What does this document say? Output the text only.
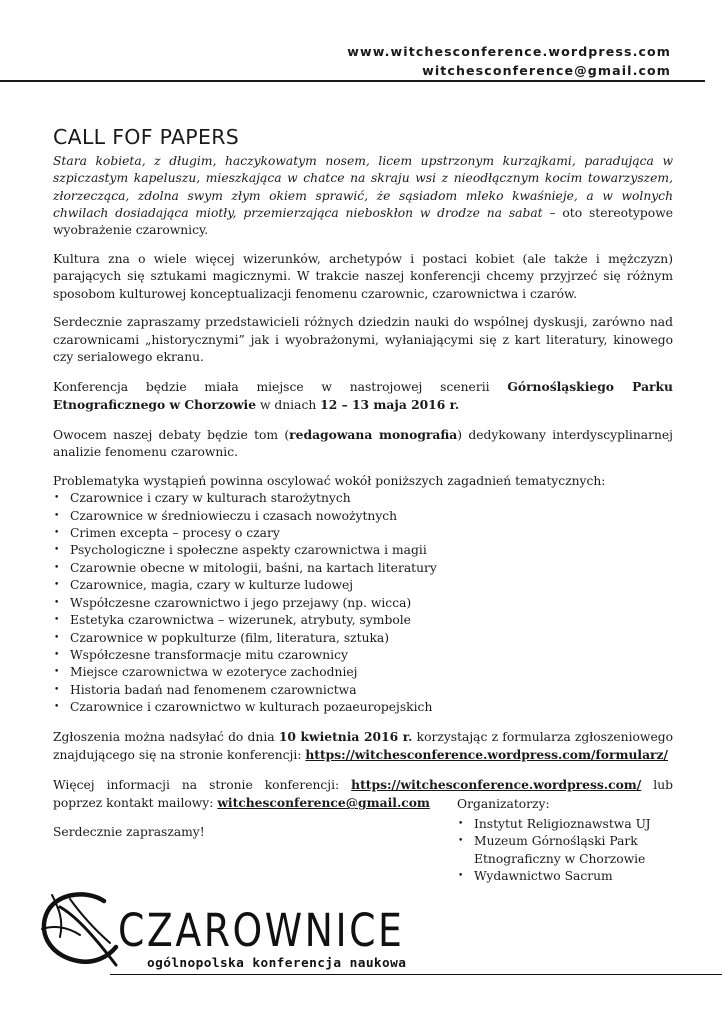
www.witchesconference.wordpress.com
witchesconference@gmail.com
CALL FOF PAPERS

Stara kobieta, z długim, haczykowatym nosem, licem upstrzonym kurzajkami, paradująca w szpiczastym kapeluszu, mieszkająca w chatce na skraju wsi z nieodłącznym kocim towarzyszem, złorzecząca, zdolna swym złym okiem sprawić, że sąsiadom mleko kwaśnieje, a w wolnych chwilach dosiadająca miotły, przemierzająca nieboskłon w drodze na sabat – oto stereotypowe wyobrażenie czarownicy.

Kultura zna o wiele więcej wizerunków, archetypów i postaci kobiet (ale także i mężczyzn) parających się sztukami magicznymi. W trakcie naszej konferencji chcemy przyjrzeć się różnym sposobom kulturowej konceptualizacji fenomenu czarownic, czarownictwa i czarów.

Serdecznie zapraszamy przedstawicieli różnych dziedzin nauki do wspólnej dyskusji, zarówno nad czarownicami „historycznymi” jak i wyobrażonymi, wyłaniającymi się z kart literatury, kinowego czy serialowego ekranu.

Konferencja będzie miała miejsce w nastrojowej scenerii Górnośląskiego Parku Etnograficznego w Chorzowie w dniach 12 – 13 maja 2016 r.

Owocem naszej debaty będzie tom (redagowana monografia) dedykowany interdyscyplinarnej analizie fenomenu czarownic.

Problematyka wystąpień powinna oscylować wokół poniższych zagadnień tematycznych:
• Czarownice i czary w kulturach starożytnych
• Czarownice w średniowieczu i czasach nowożytnych
• Crimen excepta – procesy o czary
• Psychologiczne i społeczne aspekty czarownictwa i magii
• Czarownie obecne w mitologii, baśni, na kartach literatury
• Czarownice, magia, czary w kulturze ludowej
• Współczesne czarownictwo i jego przejawy (np. wicca)
• Estetyka czarownictwa – wizerunek, atrybuty, symbole
• Czarownice w popkulturze (film, literatura, sztuka)
• Współczesne transformacje mitu czarownicy
• Miejsce czarownictwa w ezoteryce zachodniej
• Historia badań nad fenomenem czarownictwa
• Czarownice i czarownictwo w kulturach pozaeuropejskich

Zgłoszenia można nadsyłać do dnia 10 kwietnia 2016 r. korzystając z formularza zgłoszeniowego znajdującego się na stronie konferencji: https://witchesconference.wordpress.com/formularz/

Więcej informacji na stronie konferencji: https://witchesconference.wordpress.com/ lub poprzez kontakt mailowy: witchesconference@gmail.com

Serdecznie zapraszamy!

Organizatorzy:
• Instytut Religioznawstwa UJ
• Muzeum Górnośląski Park Etnograficzny w Chorzowie
• Wydawnictwo Sacrum
CZAROWNICE
ogólnopolska konferencja naukowa
